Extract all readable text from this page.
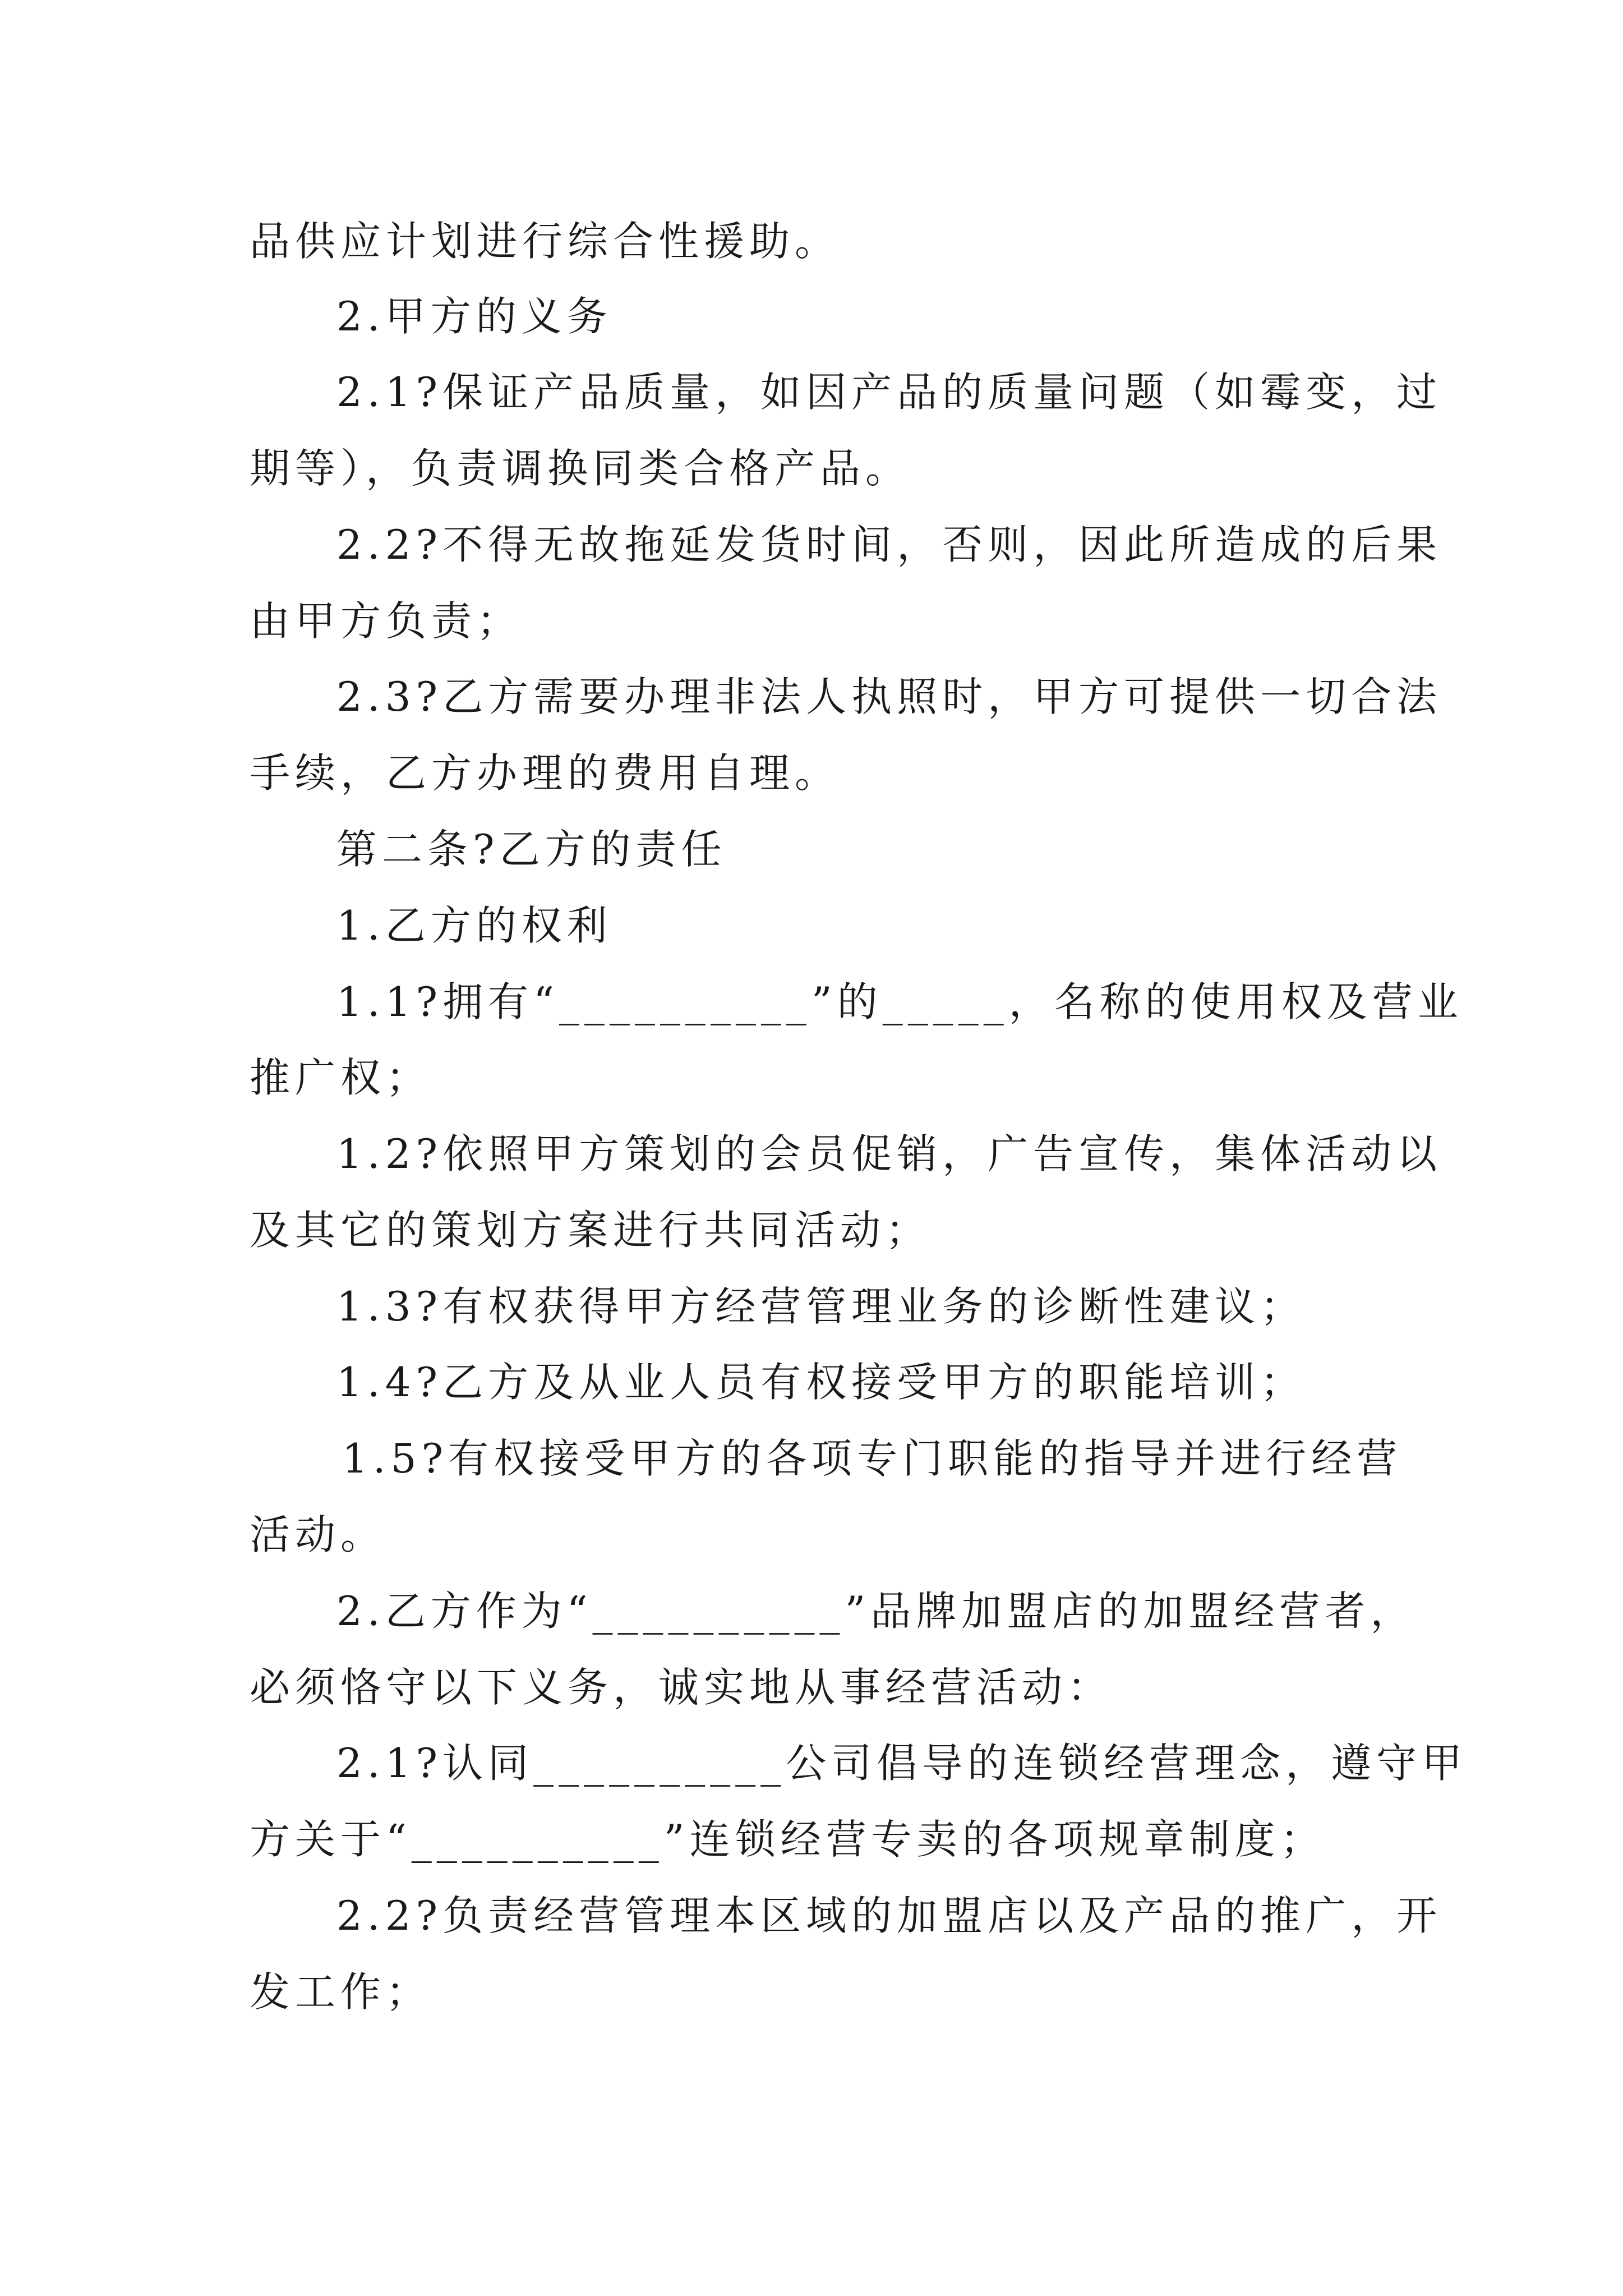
品供应计划进行综合性援助。
2.甲方的义务
2.1?保证产品质量，如因产品的质量问题（如霉变，过
期等），负责调换同类合格产品。
2.2?不得无故拖延发货时间，否则，因此所造成的后果
由甲方负责；
2.3?乙方需要办理非法人执照时，甲方可提供一切合法
手续，乙方办理的费用自理。
第二条?乙方的责任
1.乙方的权利
1.1?拥有“__________”的_____，名称的使用权及营业
推广权；
1.2?依照甲方策划的会员促销，广告宣传，集体活动以
及其它的策划方案进行共同活动；
1.3?有权获得甲方经营管理业务的诊断性建议；
1.4?乙方及从业人员有权接受甲方的职能培训；
1.5?有权接受甲方的各项专门职能的指导并进行经营
活动。
2.乙方作为“__________”品牌加盟店的加盟经营者，
必须恪守以下义务，诚实地从事经营活动：
2.1?认同__________公司倡导的连锁经营理念，遵守甲
方关于“__________”连锁经营专卖的各项规章制度；
2.2?负责经营管理本区域的加盟店以及产品的推广，开
发工作；
